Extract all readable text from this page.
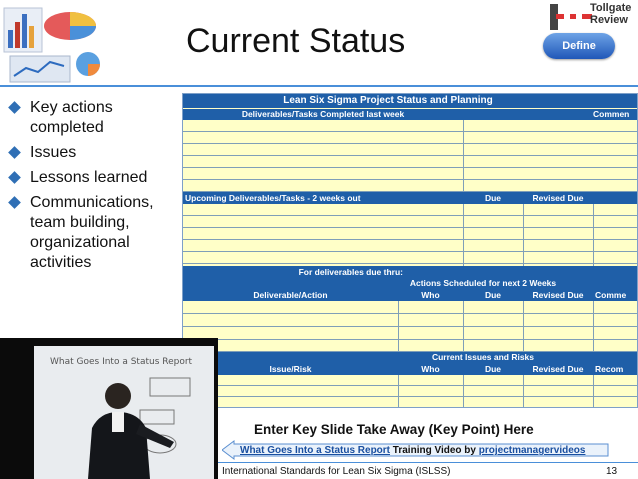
Current Status
Tollgate
Review
Define
Key actions completed
Issues
Lessons learned
Communications, team building, organizational activities
Lean Six Sigma Project Status and Planning
Deliverables/Tasks Completed last week	Commen
Upcoming Deliverables/Tasks - 2 weeks out	Due	Revised Due
For deliverables due thru:
Actions Scheduled for next 2 Weeks
Deliverable/Action	Who	Due	Revised Due	Comme
Current Issues and Risks
Issue/Risk	Who	Due	Revised Due	Recom
What Goes Into a Status Report
Enter Key Slide Take Away (Key Point) Here
What Goes Into a Status Report Training Video by projectmanagervideos
International Standards for Lean Six Sigma (ISLSS)	13
